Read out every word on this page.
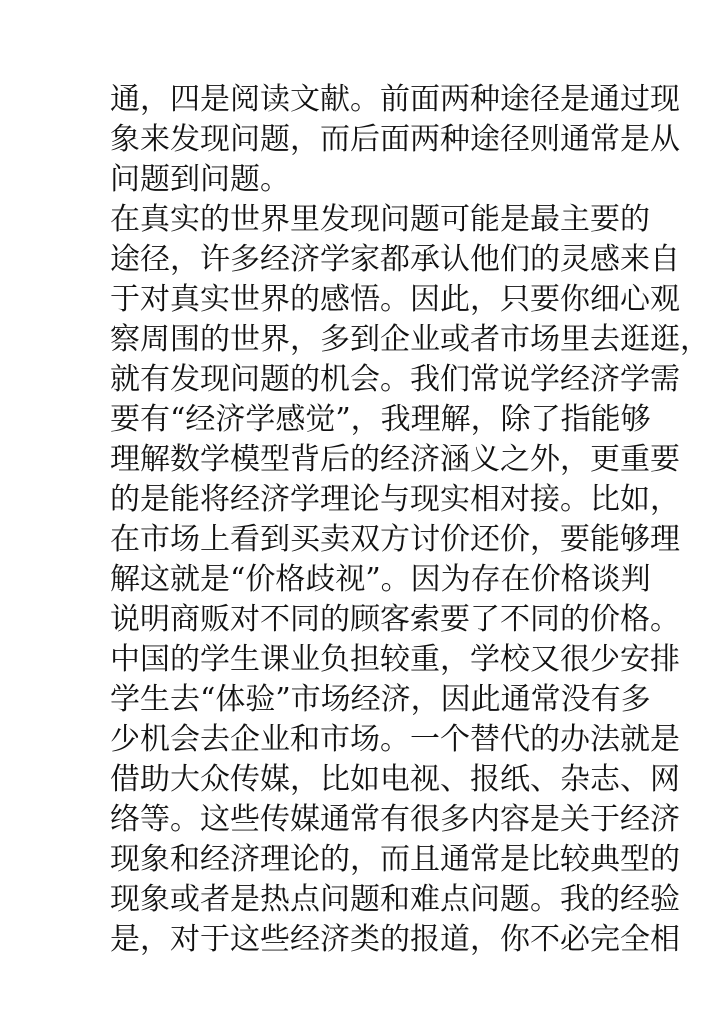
通，四是阅读文献。前面两种途径是通过现
象来发现问题，而后面两种途径则通常是从
问题到问题。
在真实的世界里发现问题可能是最主要的
途径，许多经济学家都承认他们的灵感来自
于对真实世界的感悟。因此，只要你细心观
察周围的世界，多到企业或者市场里去逛逛，
就有发现问题的机会。我们常说学经济学需
要有“经济学感觉”，我理解，除了指能够
理解数学模型背后的经济涵义之外，更重要
的是能将经济学理论与现实相对接。比如，
在市场上看到买卖双方讨价还价，要能够理
解这就是“价格歧视”。因为存在价格谈判
说明商贩对不同的顾客索要了不同的价格。
中国的学生课业负担较重，学校又很少安排
学生去“体验”市场经济，因此通常没有多
少机会去企业和市场。一个替代的办法就是
借助大众传媒，比如电视、报纸、杂志、网
络等。这些传媒通常有很多内容是关于经济
现象和经济理论的，而且通常是比较典型的
现象或者是热点问题和难点问题。我的经验
是，对于这些经济类的报道，你不必完全相
